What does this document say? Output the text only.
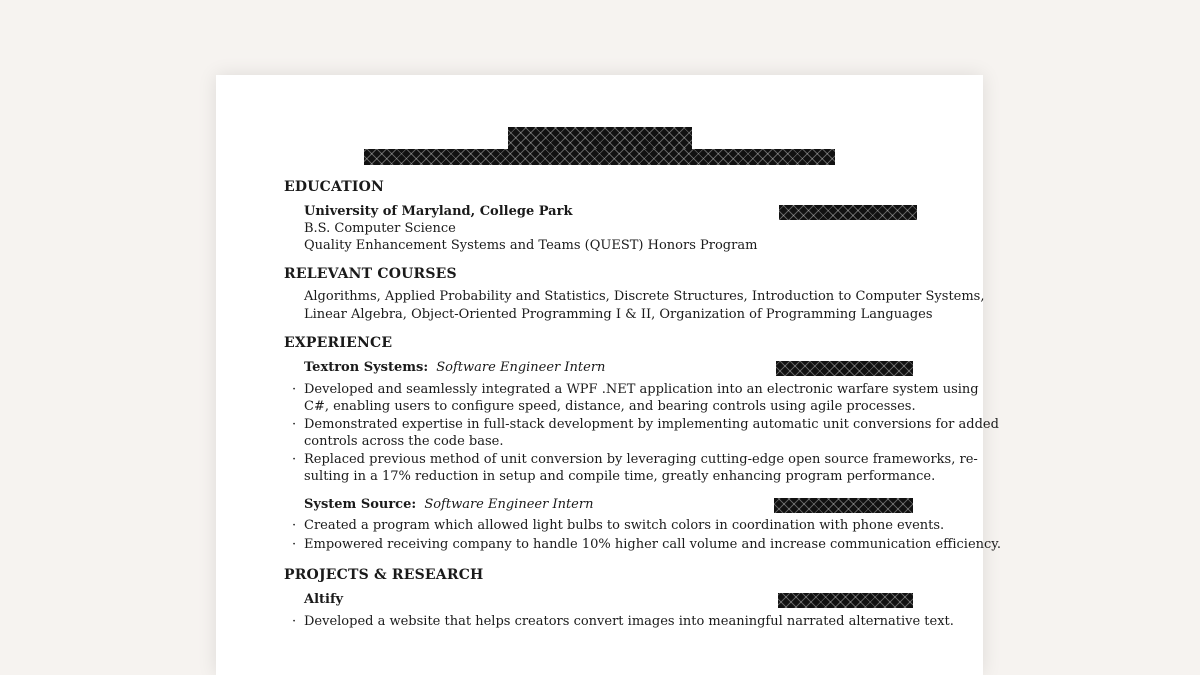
EDUCATION
University of Maryland, College Park
B.S. Computer Science
Quality Enhancement Systems and Teams (QUEST) Honors Program
RELEVANT COURSES
Algorithms, Applied Probability and Statistics, Discrete Structures, Introduction to Computer Systems,
Linear Algebra, Object-Oriented Programming I & II, Organization of Programming Languages
EXPERIENCE
Textron Systems: Software Engineer Intern
· Developed and seamlessly integrated a WPF .NET application into an electronic warfare system using
C#, enabling users to configure speed, distance, and bearing controls using agile processes.
· Demonstrated expertise in full-stack development by implementing automatic unit conversions for added
controls across the code base.
· Replaced previous method of unit conversion by leveraging cutting-edge open source frameworks, re-
sulting in a 17% reduction in setup and compile time, greatly enhancing program performance.
System Source: Software Engineer Intern
· Created a program which allowed light bulbs to switch colors in coordination with phone events.
· Empowered receiving company to handle 10% higher call volume and increase communication efficiency.
PROJECTS & RESEARCH
Altify
· Developed a website that helps creators convert images into meaningful narrated alternative text.
